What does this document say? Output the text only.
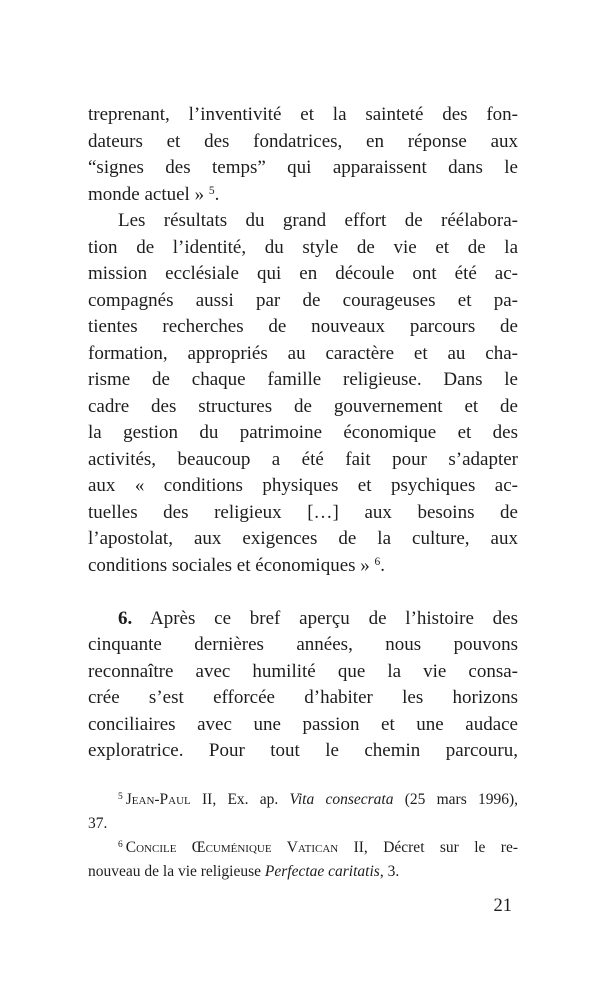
treprenant, l’inventivité et la sainteté des fon-
dateurs et des fondatrices, en réponse aux
“signes des temps” qui apparaissent dans le
monde actuel » $^5$.
Les résultats du grand effort de réélabora-
tion de l’identité, du style de vie et de la
mission ecclésiale qui en découle ont été ac-
compagnés aussi par de courageuses et pa-
tientes recherches de nouveaux parcours de
formation, appropriés au caractère et au cha-
risme de chaque famille religieuse. Dans le
cadre des structures de gouvernement et de
la gestion du patrimoine économique et des
activités, beaucoup a été fait pour s’adapter
aux « conditions physiques et psychiques ac-
tuelles des religieux […] aux besoins de
l’apostolat, aux exigences de la culture, aux
conditions sociales et économiques » $^6$.
6. Après ce bref aperçu de l’histoire des
cinquante dernières années, nous pouvons
reconnaître avec humilité que la vie consa-
crée s’est efforcée d’habiter les horizons
conciliaires avec une passion et une audace
exploratrice. Pour tout le chemin parcouru,
$^5$ Jean-Paul II, Ex. ap. Vita consecrata (25 mars 1996),
37.
$^6$ Concile Œcuménique Vatican II, Décret sur le re-
nouveau de la vie religieuse Perfectae caritatis, 3.
21
